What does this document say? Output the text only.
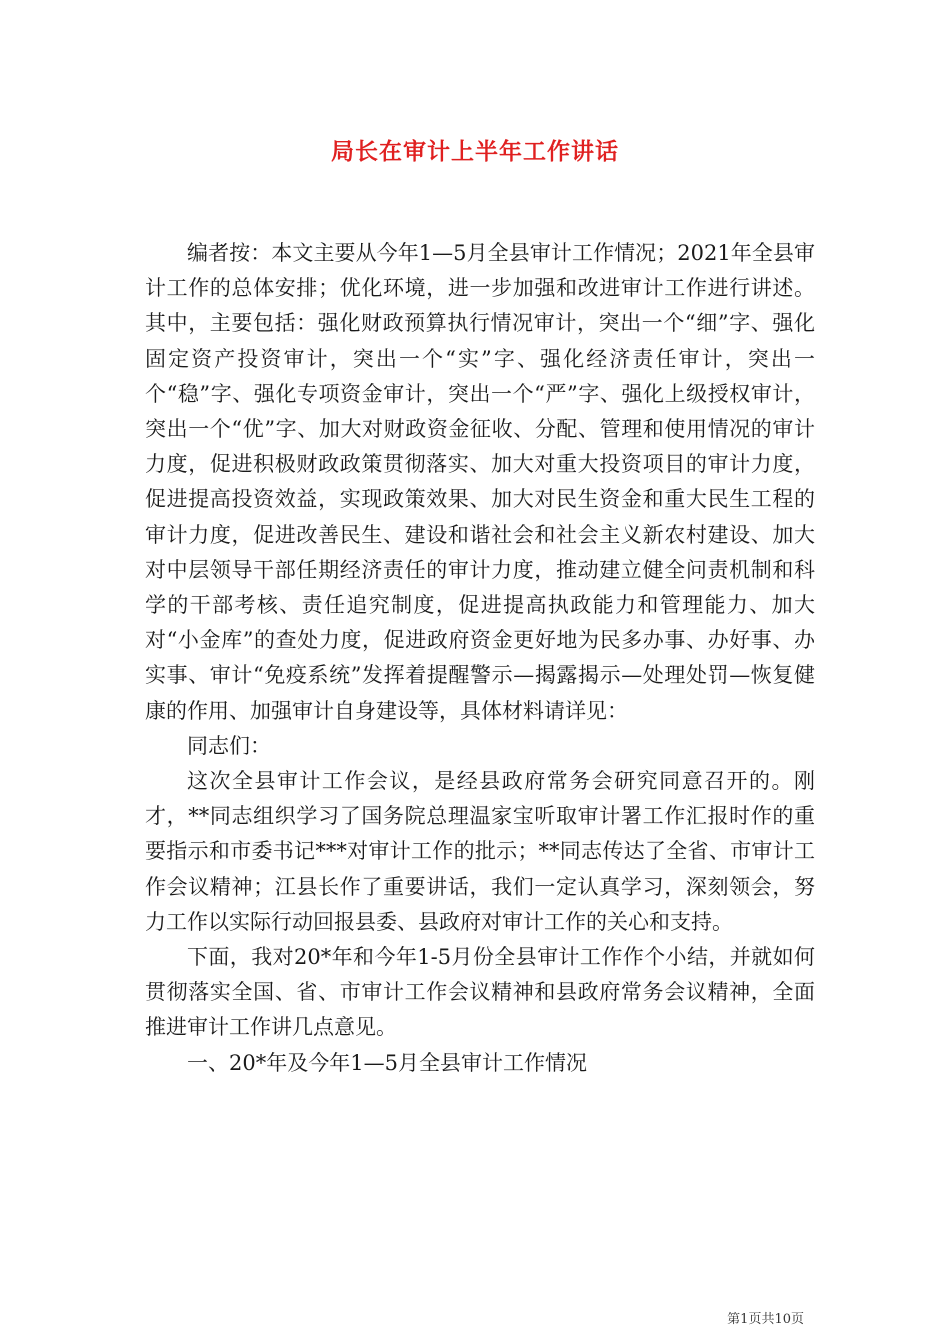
局长在审计上半年工作讲话

编者按：本文主要从今年1—5月全县审计工作情况；2021年全县审计工作的总体安排；优化环境，进一步加强和改进审计工作进行讲述。其中，主要包括：强化财政预算执行情况审计，突出一个“细”字、强化固定资产投资审计，突出一个“实”字、强化经济责任审计，突出一个“稳”字、强化专项资金审计，突出一个“严”字、强化上级授权审计，突出一个“优”字、加大对财政资金征收、分配、管理和使用情况的审计力度，促进积极财政政策贯彻落实、加大对重大投资项目的审计力度，促进提高投资效益，实现政策效果、加大对民生资金和重大民生工程的审计力度，促进改善民生、建设和谐社会和社会主义新农村建设、加大对中层领导干部任期经济责任的审计力度，推动建立健全问责机制和科学的干部考核、责任追究制度，促进提高执政能力和管理能力、加大对“小金库”的查处力度，促进政府资金更好地为民多办事、办好事、办实事、审计“免疫系统”发挥着提醒警示—揭露揭示—处理处罚—恢复健康的作用、加强审计自身建设等，具体材料请详见：

同志们：

这次全县审计工作会议，是经县政府常务会研究同意召开的。刚才，**同志组织学习了国务院总理温家宝听取审计署工作汇报时作的重要指示和市委书记***对审计工作的批示；**同志传达了全省、市审计工作会议精神；江县长作了重要讲话，我们一定认真学习，深刻领会，努力工作以实际行动回报县委、县政府对审计工作的关心和支持。

下面，我对20*年和今年1-5月份全县审计工作作个小结，并就如何贯彻落实全国、省、市审计工作会议精神和县政府常务会议精神，全面推进审计工作讲几点意见。

一、20*年及今年1—5月全县审计工作情况

第1页共10页
